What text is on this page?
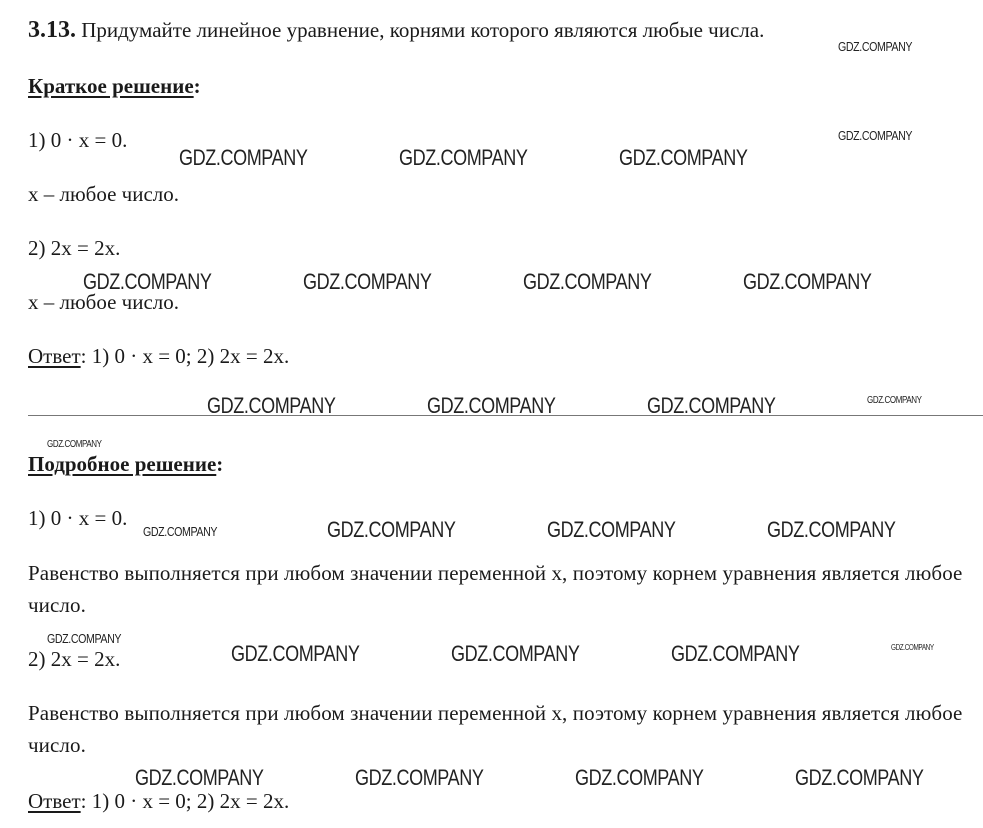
3.13. Придумайте линейное уравнение, корнями которого являются любые числа.
Краткое решение:
1) 0 · x = 0.
x – любое число.
2) 2x = 2x.
x – любое число.
Ответ: 1) 0 · x = 0; 2) 2x = 2x.
Подробное решение:
1) 0 · x = 0.
Равенство выполняется при любом значении переменной x, поэтому корнем уравнения является любое число.
2) 2x = 2x.
Равенство выполняется при любом значении переменной x, поэтому корнем уравнения является любое число.
Ответ: 1) 0 · x = 0; 2) 2x = 2x.
GDZ.COMPANY
GDZ.COMPANY
GDZ.COMPANY	GDZ.COMPANY	GDZ.COMPANY
GDZ.COMPANY	GDZ.COMPANY	GDZ.COMPANY	GDZ.COMPANY
GDZ.COMPANY	GDZ.COMPANY	GDZ.COMPANY	GDZ.COMPANY
GDZ.COMPANY
GDZ.COMPANY	GDZ.COMPANY	GDZ.COMPANY	GDZ.COMPANY
GDZ.COMPANY
GDZ.COMPANY	GDZ.COMPANY	GDZ.COMPANY	GDZ.COMPANY
GDZ.COMPANY	GDZ.COMPANY	GDZ.COMPANY	GDZ.COMPANY
